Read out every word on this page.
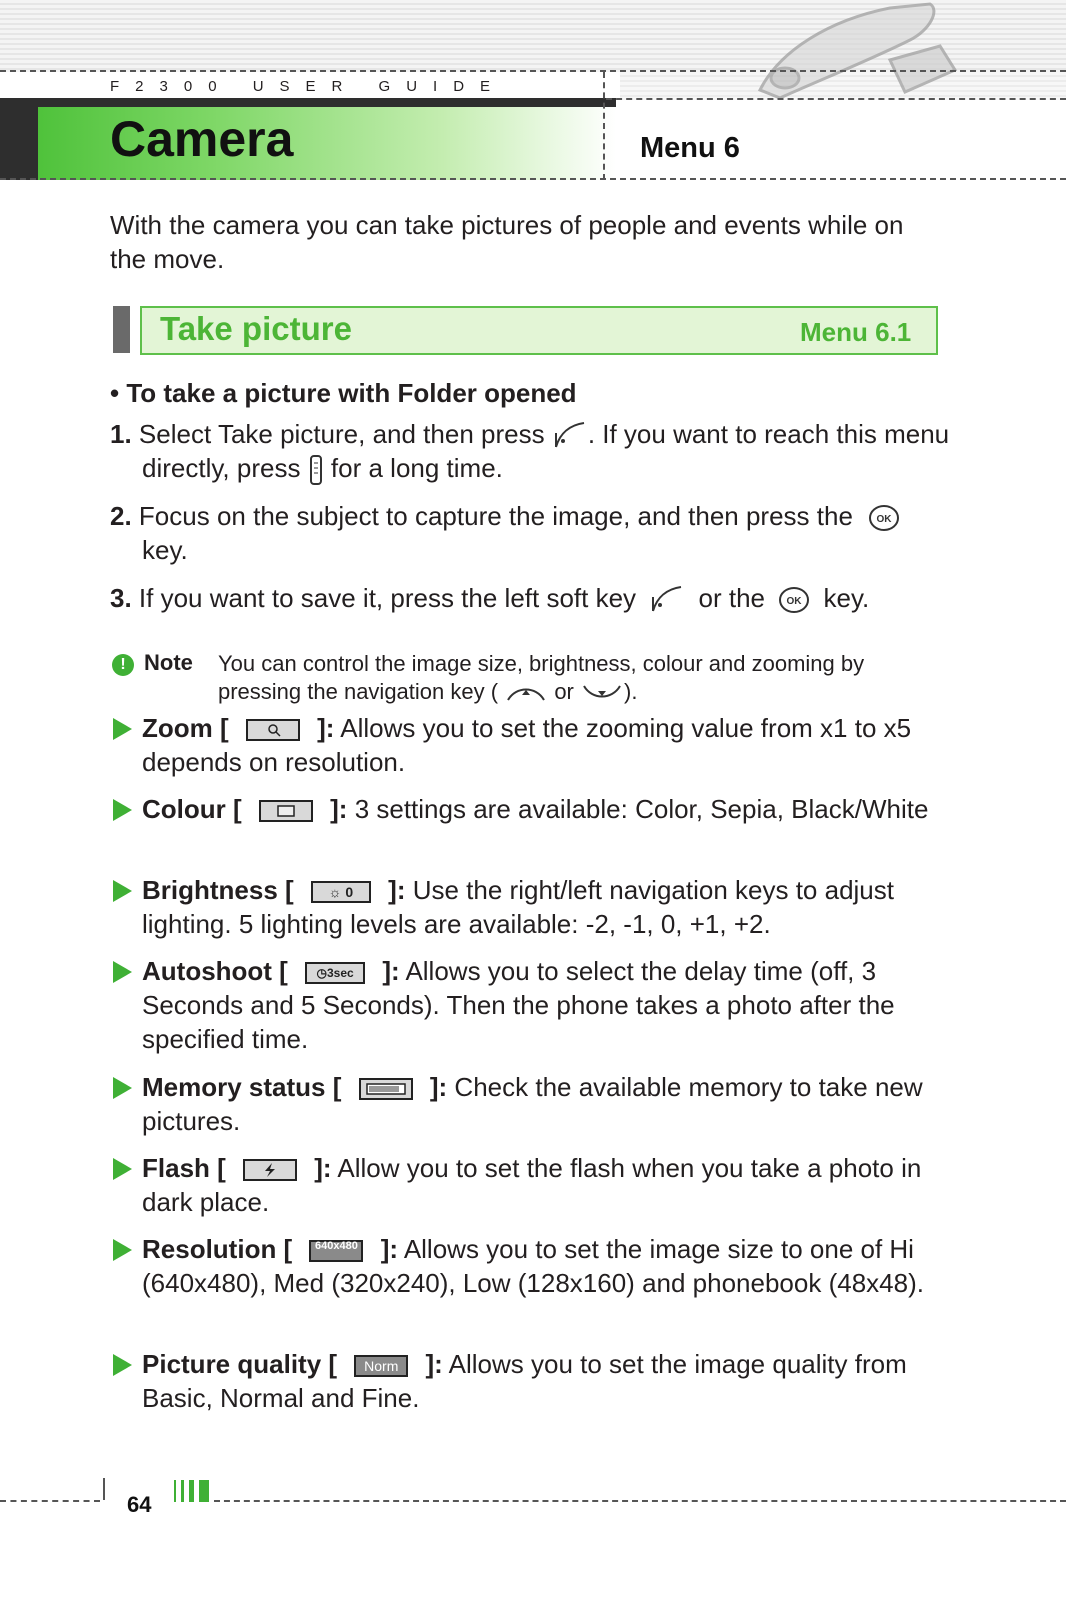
F2300 USER GUIDE
Camera	Menu 6
With the camera you can take pictures of people and events while on the move.
Take picture	Menu 6.1
• To take a picture with Folder opened
1. Select Take picture, and then press . If you want to reach this menu directly, press for a long time.
2. Focus on the subject to capture the image, and then press the OK
key.
3. If you want to save it, press the left soft key or the OK key.
! Note You can control the image size, brightness, colour and zooming by pressing the navigation key (	or ).
Zoom [	]: Allows you to set the zooming value from x1 to x5 depends on resolution.
Colour [	]: 3 settings are available: Color, Sepia, Black/White
Brightness [ ☼ 0 ]: Use the right/left navigation keys to adjust lighting. 5 lighting levels are available: -2, -1, 0, +1, +2.
Autoshoot [ ◷3sec ]: Allows you to select the delay time (off, 3 Seconds and 5 Seconds). Then the phone takes a photo after the specified time.
Memory status [	]: Check the available memory to take new pictures.
Flash [	]: Allow you to set the flash when you take a photo in dark place.
Resolution [ 640x480 ]: Allows you to set the image size to one of Hi (640x480), Med (320x240), Low (128x160) and phonebook (48x48).
Picture quality [ Norm ]: Allows you to set the image quality from Basic, Normal and Fine.
64
